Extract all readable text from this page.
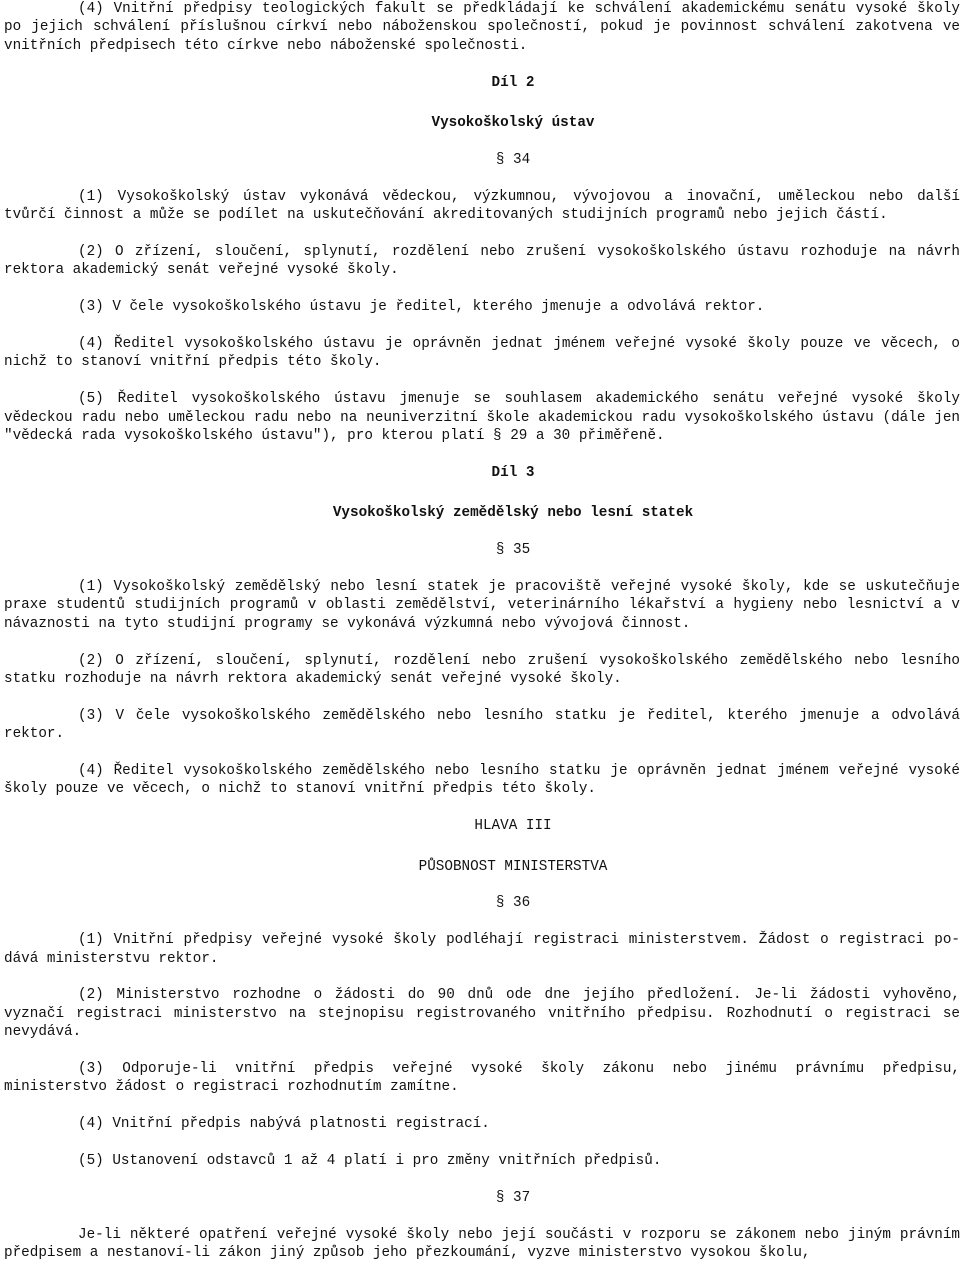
(4) Vnitřní předpisy teologických fakult se předkládají ke schválení akademickému senátu vysoké školy po jejich schválení příslušnou církví nebo náboženskou společností, pokud je povinnost schválení zakotvena ve vnitřních předpisech této církve nebo náboženské společnosti.

Díl 2

Vysokoškolský ústav

§ 34

(1) Vysokoškolský ústav vykonává vědeckou, výzkumnou, vývojovou a inovační, uměleckou nebo další tvůrčí činnost a může se podílet na uskutečňování akreditovaných studijních programů nebo jejich částí.

(2) O zřízení, sloučení, splynutí, rozdělení nebo zrušení vysokoškolského ústavu rozhoduje na návrh rektora akademický senát veřejné vysoké školy.

(3) V čele vysokoškolského ústavu je ředitel, kterého jmenuje a odvolává rektor.

(4) Ředitel vysokoškolského ústavu je oprávněn jednat jménem veřejné vysoké školy pouze ve věcech, o nichž to stanoví vnitřní předpis této školy.

(5) Ředitel vysokoškolského ústavu jmenuje se souhlasem akademického senátu veřejné vysoké školy vědeckou radu nebo uměleckou radu nebo na neuniverzitní škole akademickou radu vysokoškolského ústavu (dále jen "vědecká rada vysokoškolského ústavu"), pro kterou platí § 29 a 30 přiměřeně.

Díl 3

Vysokoškolský zemědělský nebo lesní statek

§ 35

(1) Vysokoškolský zemědělský nebo lesní statek je pracoviště veřejné vysoké školy, kde se uskutečňuje praxe studentů studijních programů v oblasti zemědělství, veterinárního lékařství a hygieny nebo lesnictví a v návaznosti na tyto studijní programy se vykonává výzkumná nebo vývojová činnost.

(2) O zřízení, sloučení, splynutí, rozdělení nebo zrušení vysokoškolského zemědělského nebo lesního statku rozhoduje na návrh rektora akademický senát veřejné vysoké školy.

(3) V čele vysokoškolského zemědělského nebo lesního statku je ředitel, kterého jmenuje a odvolává rektor.

(4) Ředitel vysokoškolského zemědělského nebo lesního statku je oprávněn jednat jménem veřejné vysoké školy pouze ve věcech, o nichž to stanoví vnitřní předpis této školy.

HLAVA III

PŮSOBNOST MINISTERSTVA

§ 36

(1) Vnitřní předpisy veřejné vysoké školy podléhají registraci ministerstvem. Žádost o registraci po-dává ministerstvu rektor.

(2) Ministerstvo rozhodne o žádosti do 90 dnů ode dne jejího předložení. Je-li žádosti vyhověno, vyznačí registraci ministerstvo na stejnopisu registrovaného vnitřního předpisu. Rozhodnutí o registraci se nevydává.

(3) Odporuje-li vnitřní předpis veřejné vysoké školy zákonu nebo jinému právnímu předpisu, ministerstvo žádost o registraci rozhodnutím zamítne.

(4) Vnitřní předpis nabývá platnosti registrací.

(5) Ustanovení odstavců 1 až 4 platí i pro změny vnitřních předpisů.

§ 37

Je-li některé opatření veřejné vysoké školy nebo její součásti v rozporu se zákonem nebo jiným právním předpisem a nestanoví-li zákon jiný způsob jeho přezkoumání, vyzve ministerstvo vysokou školu,
